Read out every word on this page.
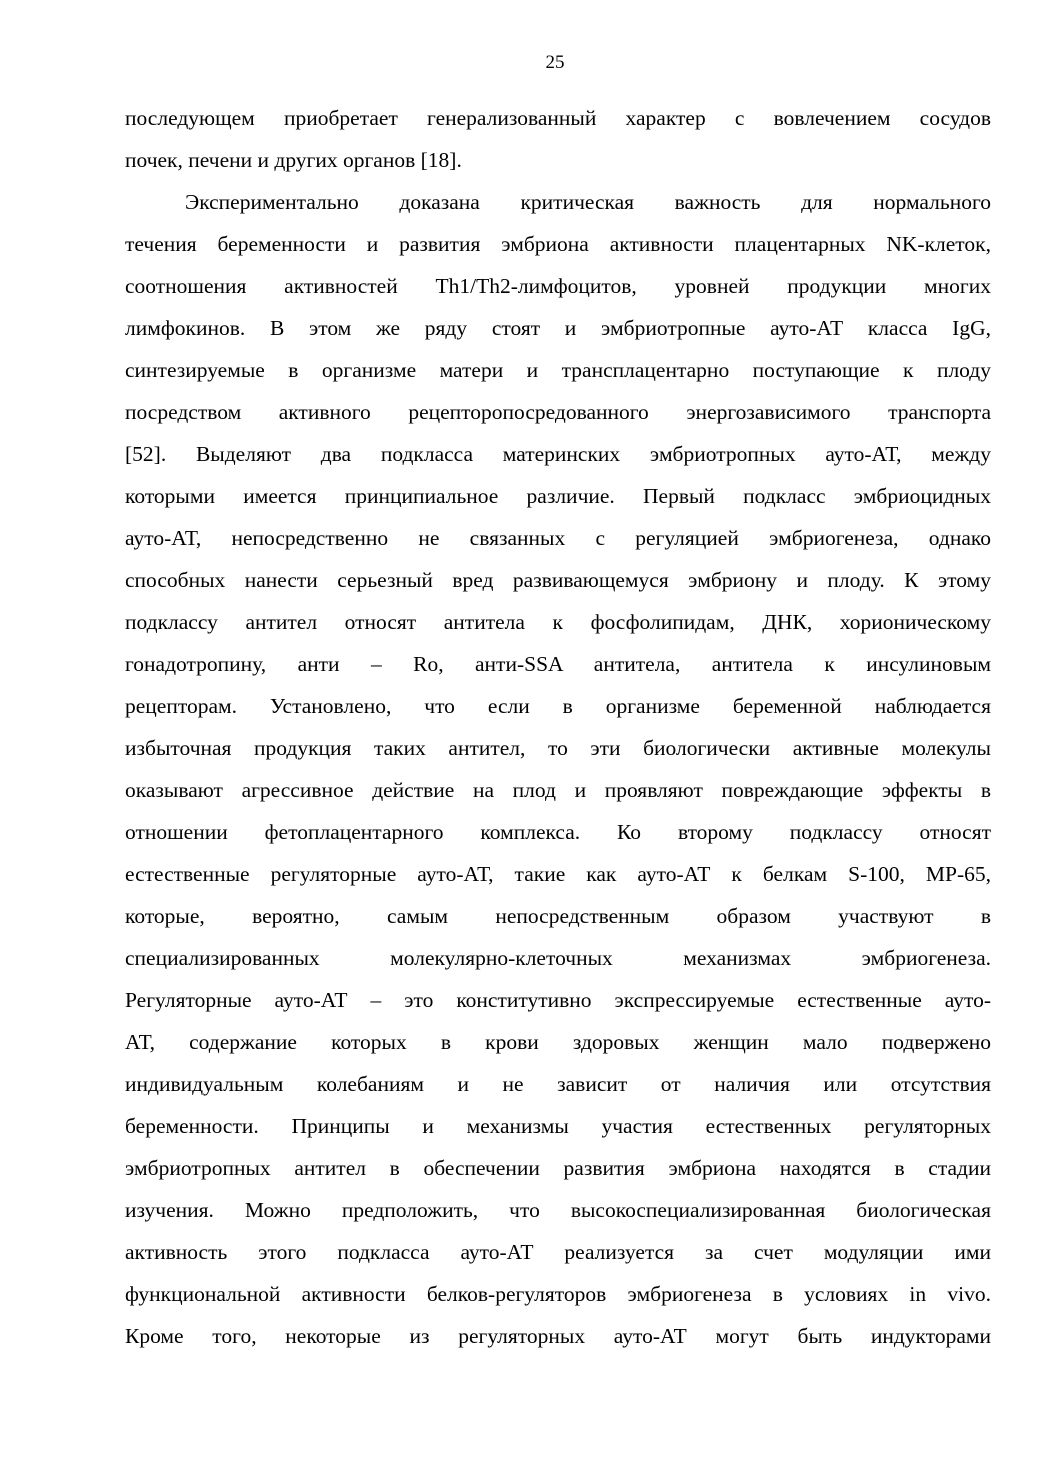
25
последующем приобретает генерализованный характер с вовлечением сосудов
почек, печени и других органов [18].
Экспериментально доказана критическая важность для нормального
течения беременности и развития эмбриона активности плацентарных NK-клеток,
соотношения активностей Th1/Th2-лимфоцитов, уровней продукции многих
лимфокинов. В этом же ряду стоят и эмбриотропные ауто-АТ класса IgG,
синтезируемые в организме матери и трансплацентарно поступающие к плоду
посредством активного рецепторопосредованного энергозависимого транспорта
[52]. Выделяют два подкласса материнских эмбриотропных ауто-АТ, между
которыми имеется принципиальное различие. Первый подкласс эмбриоцидных
ауто-АТ, непосредственно не связанных с регуляцией эмбриогенеза, однако
способных нанести серьезный вред развивающемуся эмбриону и плоду. К этому
подклассу антител относят антитела к фосфолипидам, ДНК, хорионическому
гонадотропину, анти – Ro, анти-SSA антитела, антитела к инсулиновым
рецепторам. Установлено, что если в организме беременной наблюдается
избыточная продукция таких антител, то эти биологически активные молекулы
оказывают агрессивное действие на плод и проявляют повреждающие эффекты в
отношении фетоплацентарного комплекса. Ко второму подклассу относят
естественные регуляторные ауто-АТ, такие как ауто-АТ к белкам S-100, МР-65,
которые, вероятно, самым непосредственным образом участвуют в
специализированных молекулярно-клеточных механизмах эмбриогенеза.
Регуляторные ауто-АТ – это конститутивно экспрессируемые естественные ауто-
АТ, содержание которых в крови здоровых женщин мало подвержено
индивидуальным колебаниям и не зависит от наличия или отсутствия
беременности. Принципы и механизмы участия естественных регуляторных
эмбриотропных антител в обеспечении развития эмбриона находятся в стадии
изучения. Можно предположить, что высокоспециализированная биологическая
активность этого подкласса ауто-АТ реализуется за счет модуляции ими
функциональной активности белков-регуляторов эмбриогенеза в условиях in vivo.
Кроме того, некоторые из регуляторных ауто-АТ могут быть индукторами
